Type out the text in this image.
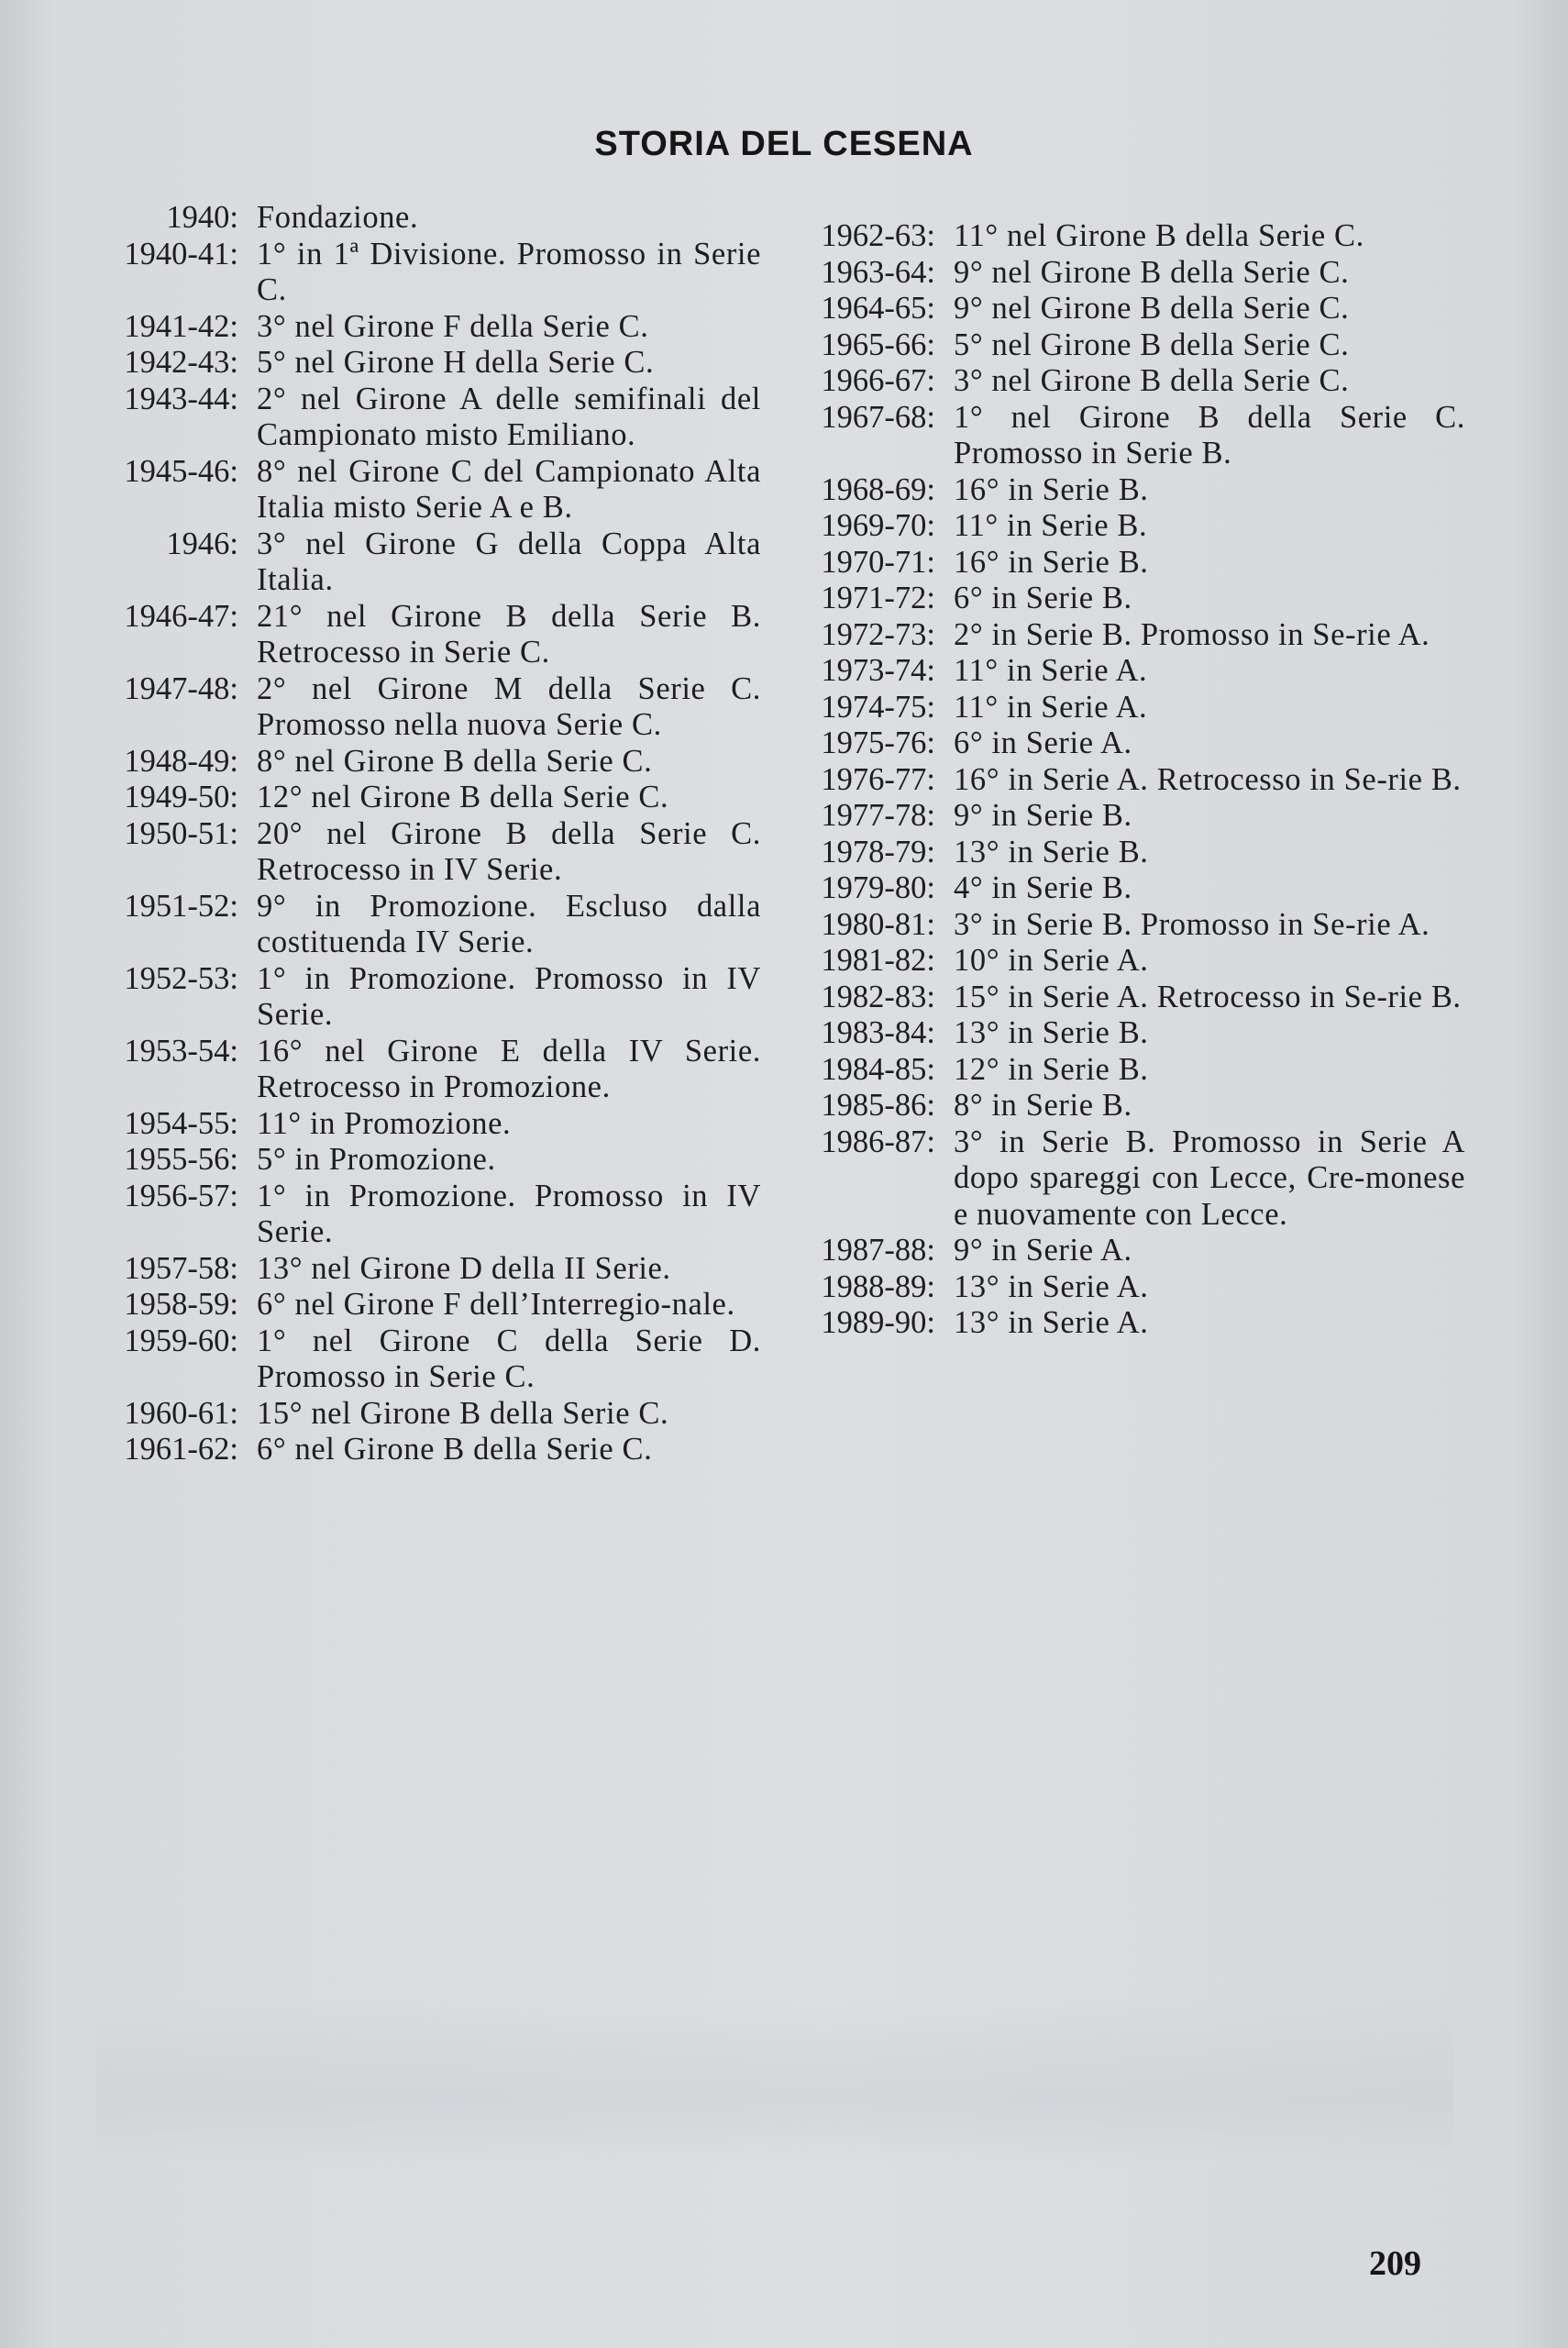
STORIA DEL CESENA
1940: Fondazione.
1940-41: 1° in 1ª Divisione. Promosso in Serie C.
1941-42: 3° nel Girone F della Serie C.
1942-43: 5° nel Girone H della Serie C.
1943-44: 2° nel Girone A delle semifinali del Campionato misto Emiliano.
1945-46: 8° nel Girone C del Campionato Alta Italia misto Serie A e B.
1946: 3° nel Girone G della Coppa Alta Italia.
1946-47: 21° nel Girone B della Serie B. Retrocesso in Serie C.
1947-48: 2° nel Girone M della Serie C. Promosso nella nuova Serie C.
1948-49: 8° nel Girone B della Serie C.
1949-50: 12° nel Girone B della Serie C.
1950-51: 20° nel Girone B della Serie C. Retrocesso in IV Serie.
1951-52: 9° in Promozione. Escluso dalla costituenda IV Serie.
1952-53: 1° in Promozione. Promosso in IV Serie.
1953-54: 16° nel Girone E della IV Serie. Retrocesso in Promozione.
1954-55: 11° in Promozione.
1955-56: 5° in Promozione.
1956-57: 1° in Promozione. Promosso in IV Serie.
1957-58: 13° nel Girone D della II Serie.
1958-59: 6° nel Girone F dell’Interregio-nale.
1959-60: 1° nel Girone C della Serie D. Promosso in Serie C.
1960-61: 15° nel Girone B della Serie C.
1961-62: 6° nel Girone B della Serie C.
1962-63: 11° nel Girone B della Serie C.
1963-64: 9° nel Girone B della Serie C.
1964-65: 9° nel Girone B della Serie C.
1965-66: 5° nel Girone B della Serie C.
1966-67: 3° nel Girone B della Serie C.
1967-68: 1° nel Girone B della Serie C. Promosso in Serie B.
1968-69: 16° in Serie B.
1969-70: 11° in Serie B.
1970-71: 16° in Serie B.
1971-72: 6° in Serie B.
1972-73: 2° in Serie B. Promosso in Se-rie A.
1973-74: 11° in Serie A.
1974-75: 11° in Serie A.
1975-76: 6° in Serie A.
1976-77: 16° in Serie A. Retrocesso in Se-rie B.
1977-78: 9° in Serie B.
1978-79: 13° in Serie B.
1979-80: 4° in Serie B.
1980-81: 3° in Serie B. Promosso in Se-rie A.
1981-82: 10° in Serie A.
1982-83: 15° in Serie A. Retrocesso in Se-rie B.
1983-84: 13° in Serie B.
1984-85: 12° in Serie B.
1985-86: 8° in Serie B.
1986-87: 3° in Serie B. Promosso in Serie A dopo spareggi con Lecce, Cre-monese e nuovamente con Lecce.
1987-88: 9° in Serie A.
1988-89: 13° in Serie A.
1989-90: 13° in Serie A.
209
